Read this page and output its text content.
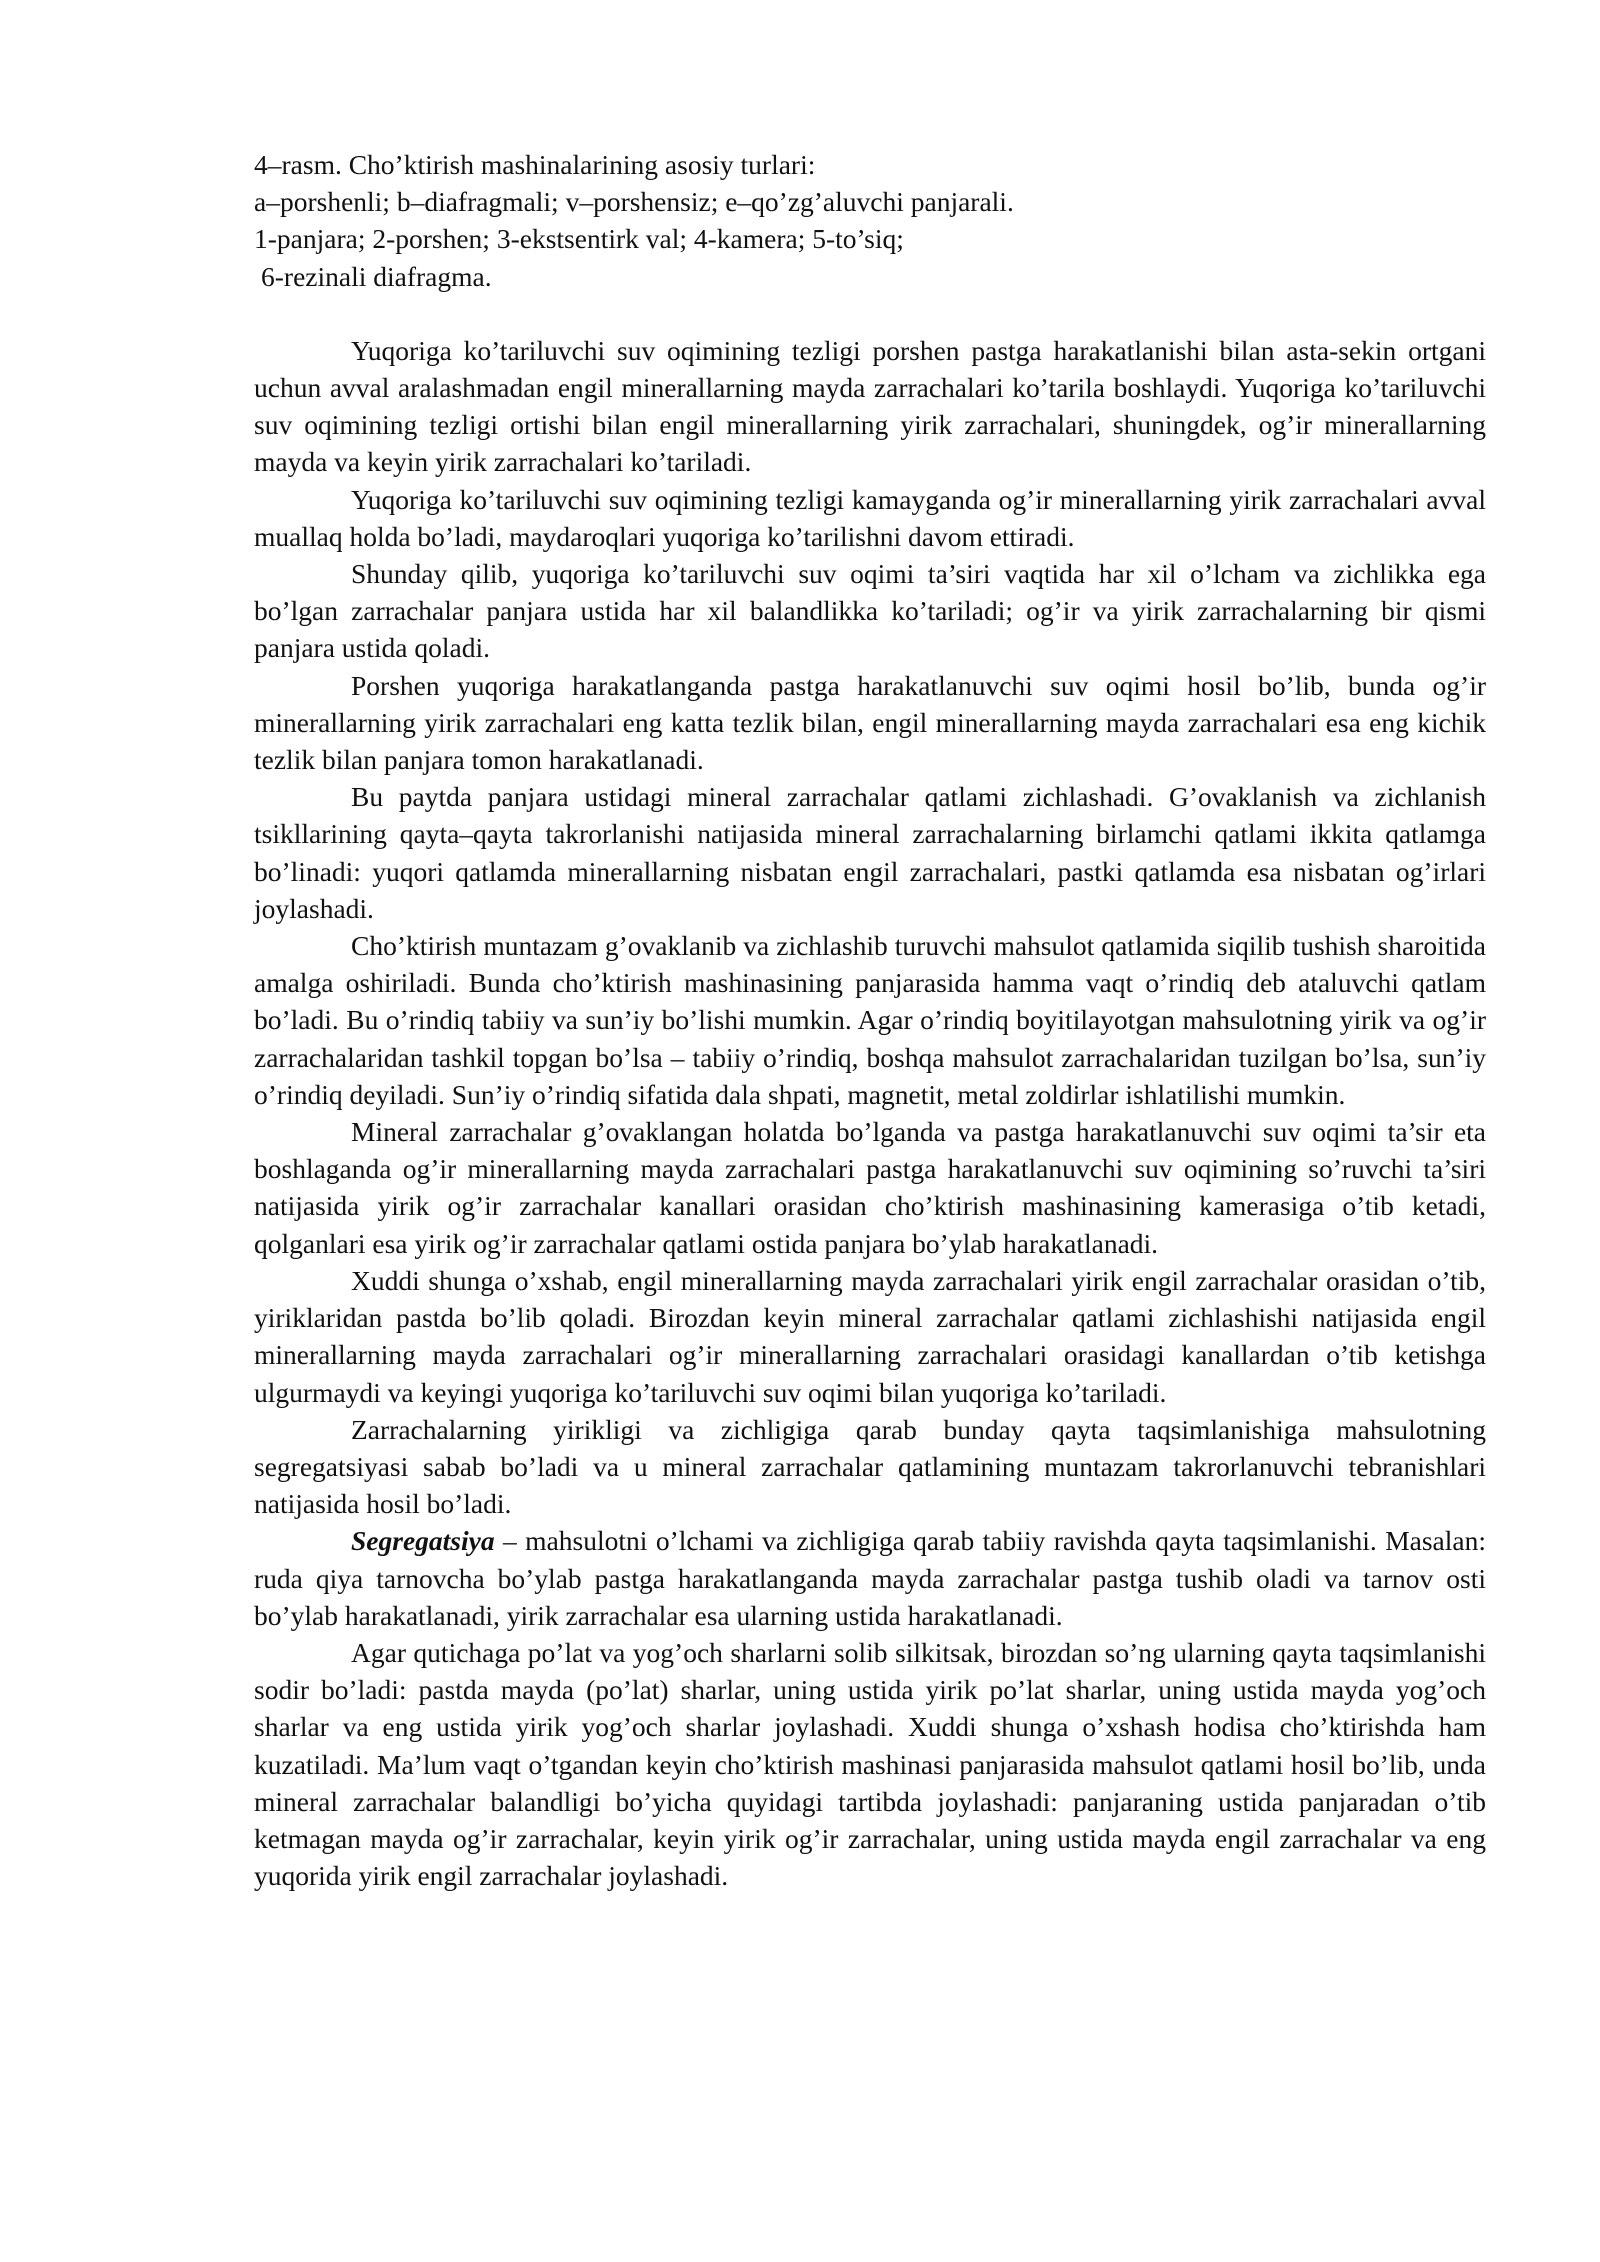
4–rasm. Cho’ktirish mashinalarining asosiy turlari:
a–porshenli; b–diafragmali; v–porshensiz; e–qo’zg’aluvchi panjarali.
1-panjara; 2-porshen; 3-ekstsentirk val; 4-kamera; 5-to’siq;
6-rezinali diafragma.

Yuqoriga ko’tariluvchi suv oqimining tezligi porshen pastga harakatlanishi bilan asta-sekin ortgani uchun avval aralashmadan engil minerallarning mayda zarrachalari ko’tarila boshlaydi. Yuqoriga ko’tariluvchi suv oqimining tezligi ortishi bilan engil minerallarning yirik zarrachalari, shuningdek, og’ir minerallarning mayda va keyin yirik zarrachalari ko’tariladi.

Yuqoriga ko’tariluvchi suv oqimining tezligi kamayganda og’ir minerallarning yirik zarrachalari avval muallaq holda bo’ladi, maydaroqlari yuqoriga ko’tarilishni davom ettiradi.

Shunday qilib, yuqoriga ko’tariluvchi suv oqimi ta’siri vaqtida har xil o’lcham va zichlikka ega bo’lgan zarrachalar panjara ustida har xil balandlikka ko’tariladi; og’ir va yirik zarrachalarning bir qismi panjara ustida qoladi.

Porshen yuqoriga harakatlanganda pastga harakatlanuvchi suv oqimi hosil bo’lib, bunda og’ir minerallarning yirik zarrachalari eng katta tezlik bilan, engil minerallarning mayda zarrachalari esa eng kichik tezlik bilan panjara tomon harakatlanadi.

Bu paytda panjara ustidagi mineral zarrachalar qatlami zichlashadi. G’ovaklanish va zichlanish tsikllarining qayta–qayta takrorlanishi natijasida mineral zarrachalarning birlamchi qatlami ikkita qatlamga bo’linadi: yuqori qatlamda minerallarning nisbatan engil zarrachalari, pastki qatlamda esa nisbatan og’irlari joylashadi.

Cho’ktirish muntazam g’ovaklanib va zichlashib turuvchi mahsulot qatlamida siqilib tushish sharoitida amalga oshiriladi. Bunda cho’ktirish mashinasining panjarasida hamma vaqt o’rindiq deb ataluvchi qatlam bo’ladi. Bu o’rindiq tabiiy va sun’iy bo’lishi mumkin. Agar o’rindiq boyitilayotgan mahsulotning yirik va og’ir zarrachalaridan tashkil topgan bo’lsa – tabiiy o’rindiq, boshqa mahsulot zarrachalaridan tuzilgan bo’lsa, sun’iy o’rindiq deyiladi. Sun’iy o’rindiq sifatida dala shpati, magnetit, metal zoldirlar ishlatilishi mumkin.

Mineral zarrachalar g’ovaklangan holatda bo’lganda va pastga harakatlanuvchi suv oqimi ta’sir eta boshlaganda og’ir minerallarning mayda zarrachalari pastga harakatlanuvchi suv oqimining so’ruvchi ta’siri natijasida yirik og’ir zarrachalar kanallari orasidan cho’ktirish mashinasining kamerasiga o’tib ketadi, qolganlari esa yirik og’ir zarrachalar qatlami ostida panjara bo’ylab harakatlanadi.

Xuddi shunga o’xshab, engil minerallarning mayda zarrachalari yirik engil zarrachalar orasidan o’tib, yiriklaridan pastda bo’lib qoladi. Birozdan keyin mineral zarrachalar qatlami zichlashishi natijasida engil minerallarning mayda zarrachalari og’ir minerallarning zarrachalari orasidagi kanallardan o’tib ketishga ulgurmaydi va keyingi yuqoriga ko’tariluvchi suv oqimi bilan yuqoriga ko’tariladi.

Zarrachalarning yirikligi va zichligiga qarab bunday qayta taqsimlanishiga mahsulotning segregatsiyasi sabab bo’ladi va u mineral zarrachalar qatlamining muntazam takrorlanuvchi tebranishlari natijasida hosil bo’ladi.

Segregatsiya – mahsulotni o’lchami va zichligiga qarab tabiiy ravishda qayta taqsimlanishi. Masalan: ruda qiya tarnovcha bo’ylab pastga harakatlanganda mayda zarrachalar pastga tushib oladi va tarnov osti bo’ylab harakatlanadi, yirik zarrachalar esa ularning ustida harakatlanadi.

Agar qutichaga po’lat va yog’och sharlarni solib silkitsak, birozdan so’ng ularning qayta taqsimlanishi sodir bo’ladi: pastda mayda (po’lat) sharlar, uning ustida yirik po’lat sharlar, uning ustida mayda yog’och sharlar va eng ustida yirik yog’och sharlar joylashadi. Xuddi shunga o’xshash hodisa cho’ktirishda ham kuzatiladi. Ma’lum vaqt o’tgandan keyin cho’ktirish mashinasi panjarasida mahsulot qatlami hosil bo’lib, unda mineral zarrachalar balandligi bo’yicha quyidagi tartibda joylashadi: panjaraning ustida panjaradan o’tib ketmagan mayda og’ir zarrachalar, keyin yirik og’ir zarrachalar, uning ustida mayda engil zarrachalar va eng yuqorida yirik engil zarrachalar joylashadi.
